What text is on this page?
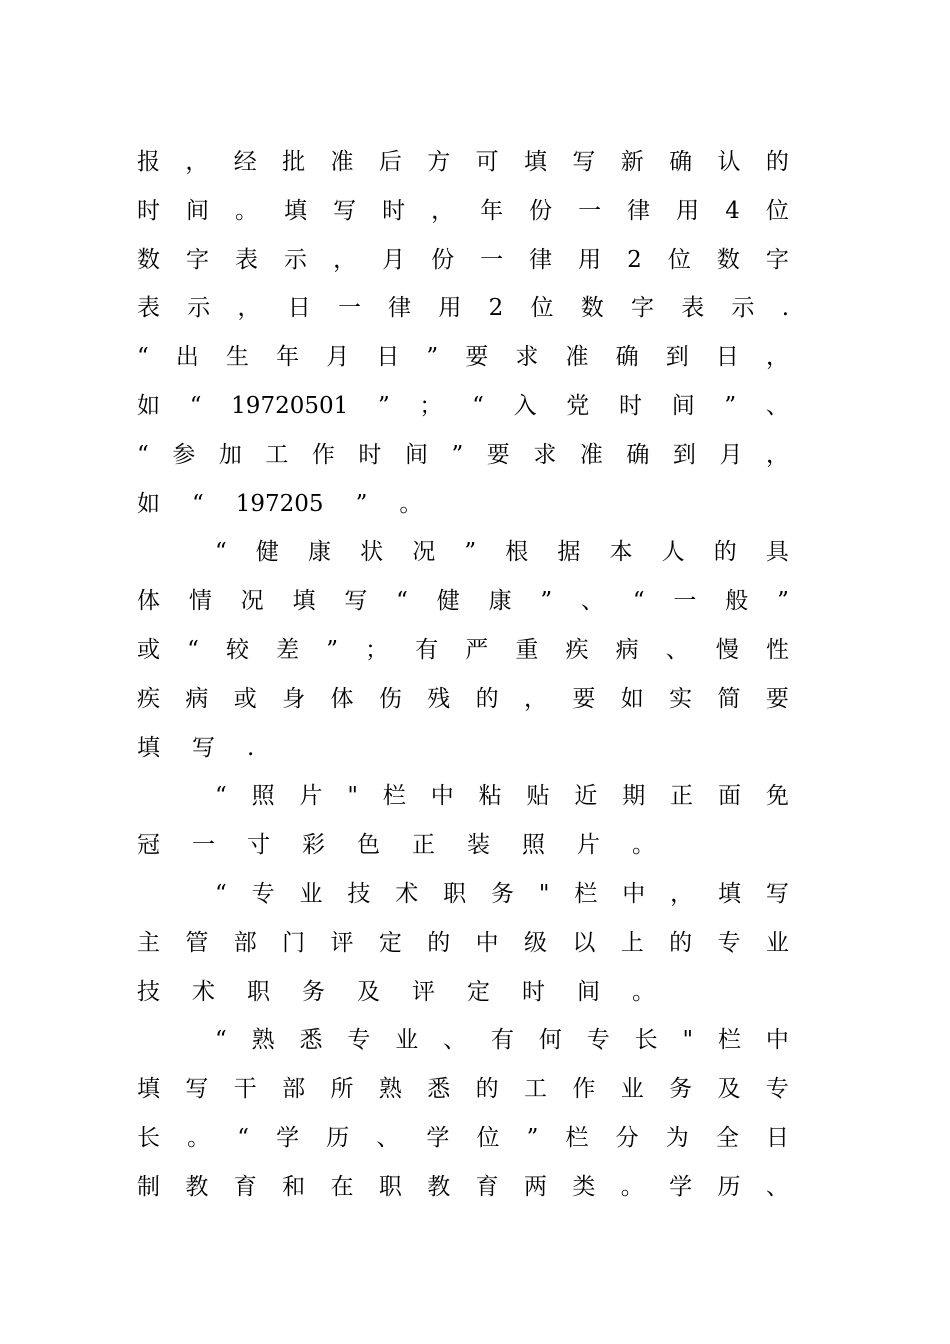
报 ， 经 批 准 后 方 可 填 写 新 确 认 的
时 间 。 填 写 时 ， 年 份 一 律 用 4 位
数 字 表 示 ， 月 份 一 律 用 2 位 数 字
表 示 ， 日 一 律 用 2 位 数 字 表 示 .
“ 出 生 年 月 日 ” 要 求 准 确 到 日 ，
如 “ 19720501 ” ； “ 入 党 时 间 ” 、
“ 参 加 工 作 时 间 ” 要 求 准 确 到 月 ，
如 “ 197205 ” 。
“ 健 康 状 况 ” 根 据 本 人 的 具
体 情 况 填 写 “ 健 康 ” 、 “ 一 般 ”
或 “ 较 差 ” ； 有 严 重 疾 病 、 慢 性
疾 病 或 身 体 伤 残 的 ， 要 如 实 简 要
填 写 .
“ 照 片 " 栏 中 粘 贴 近 期 正 面 免
冠 一 寸 彩 色 正 装 照 片 。
“ 专 业 技 术 职 务 " 栏 中 ， 填 写
主 管 部 门 评 定 的 中 级 以 上 的 专 业
技 术 职 务 及 评 定 时 间 。
“ 熟 悉 专 业 、 有 何 专 长 " 栏 中
填 写 干 部 所 熟 悉 的 工 作 业 务 及 专
长 。 “ 学 历 、 学 位 ” 栏 分 为 全 日
制 教 育 和 在 职 教 育 两 类 。 学 历 、
